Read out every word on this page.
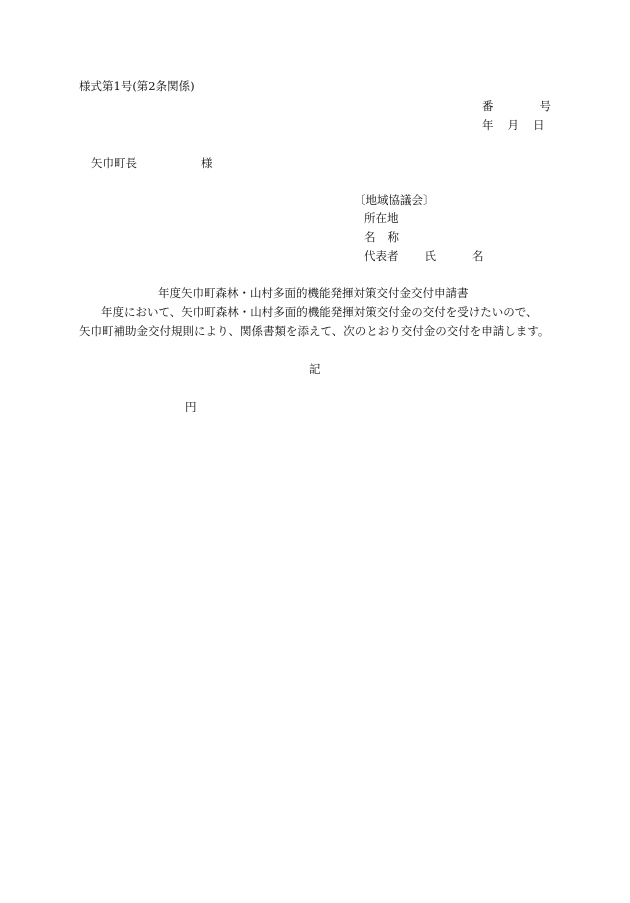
様式第1号(第2条関係)
番	号
年 月 日
矢巾町長	様
〔地域協議会〕
所在地
名 称
代表者 氏	名
年度矢巾町森林・山村多面的機能発揮対策交付金交付申請書
年度において、矢巾町森林・山村多面的機能発揮対策交付金の交付を受けたいので、
矢巾町補助金交付規則により、関係書類を添えて、次のとおり交付金の交付を申請します。
記
円
